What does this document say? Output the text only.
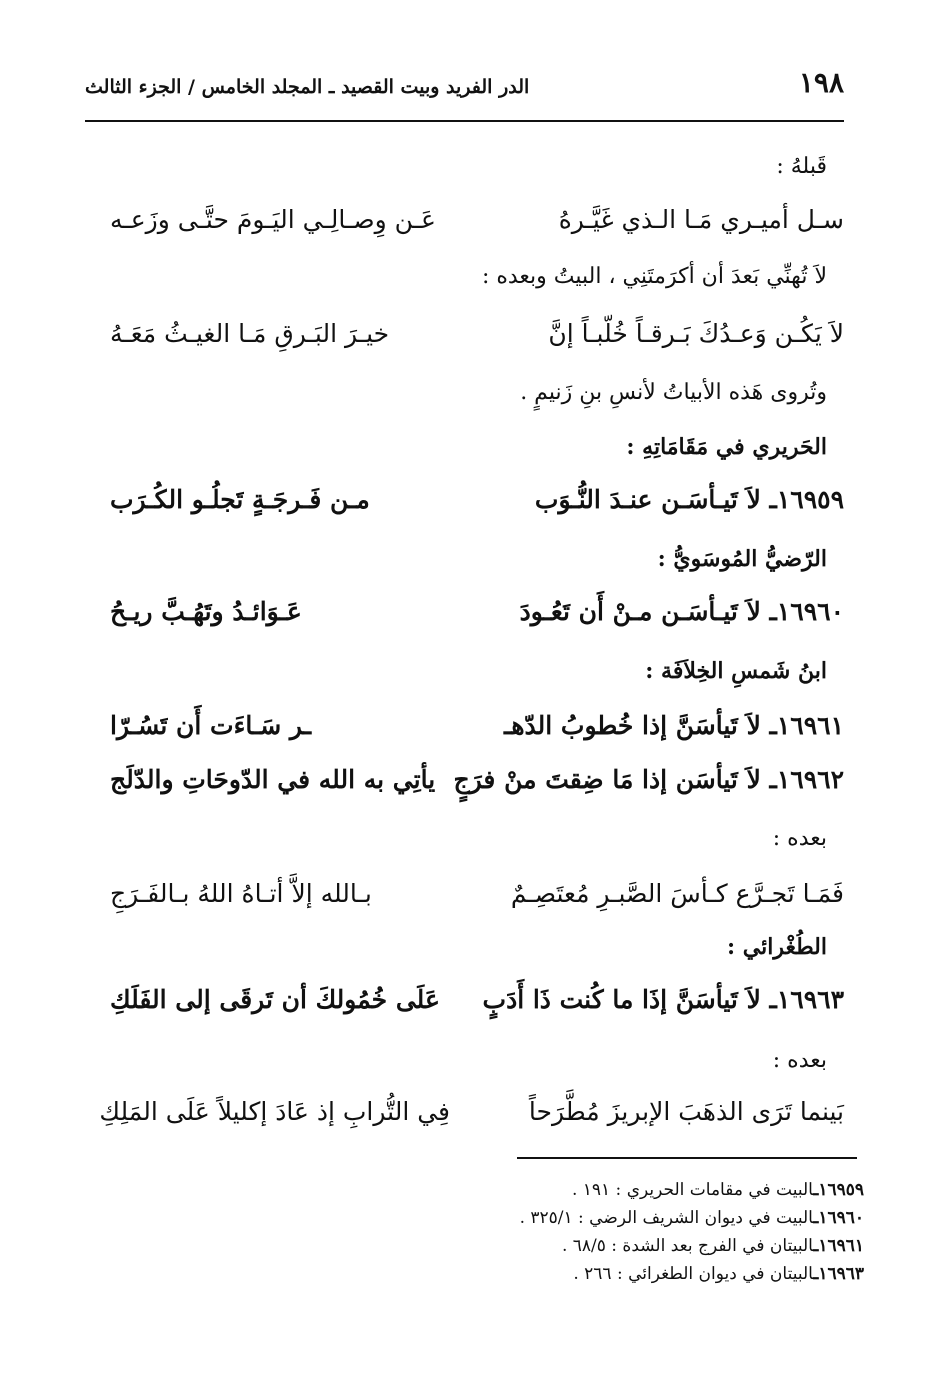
١٩٨
الدر الفريد وبيت القصيد ـ المجلد الخامس / الجزء الثالث
قَبلهُ :
سـل أميـري مَـا الـذي غَيَّـرهُ
عَـن وِصـالِـي اليَـومَ حتَّـى وزَعـه
لاَ تُهنِّي بَعدَ أن أكرَمتَنِي ، البيتُ وبعده :
لاَ يَكُـن وَعـدُكَ بَـرقـاً خُلّبـاً إنَّ
خيـرَ البَـرقِ مَـا الغيـثُ مَعَـهُ
وتُروى هَذه الأبياتُ لأنسِ بنِ زَنيمٍ .
الحَريري في مَقَامَاتِهِ :
١٦٩٥٩ـ لاَ تَيـأسَـن عنـدَ النُّـوَب
مـن فَـرجَـةٍ تَجلُـو الكُـرَب
الرّضيُّ المُوسَويُّ :
١٦٩٦٠ـ لاَ تَيـأسَـن مـنْ أَن تَعُـودَ
عَـوَائـدُ وتَهُـبَّ ريـحُ
ابنُ شَمسِ الخِلاَفَة :
١٦٩٦١ـ لاَ تَيأسَنَّ إذا خُطوبُ الدّهـ
ـر سَـاءَت أَن تَسُـرّا
١٦٩٦٢ـ لاَ تَيأسَن إذا مَا ضِقتَ منْ فرَجٍ
يأتِي به الله في الدّوحَاتِ والدّلَج
بعده :
فَمَـا تَجـرَّع كـأسَ الصَّبـرِ مُعتَصِـمٌ
بـالله إلاَّ أتـاهُ اللهُ بـالفَـرَجِ
الطُغْرائي :
١٦٩٦٣ـ لاَ تَيأسَنَّ إذَا ما كُنت ذَا أَدَبٍ
عَلَى خُمُولكَ أن تَرقَى إلى الفَلَكِ
بعده :
بَينما تَرَى الذهَبَ الإبريزَ مُطَّرَحاً
فِي التُّرابِ إذ عَادَ إكليلاً عَلَى المَلِكِ
١٦٩٥٩ـالبيت في مقامات الحريري : ١٩١ .
١٦٩٦٠ـالبيت في ديوان الشريف الرضي : ٣٢٥/١ .
١٦٩٦١ـالبيتان في الفرج بعد الشدة : ٦٨/٥ .
١٦٩٦٣ـالبيتان في ديوان الطغرائي : ٢٦٦ .
